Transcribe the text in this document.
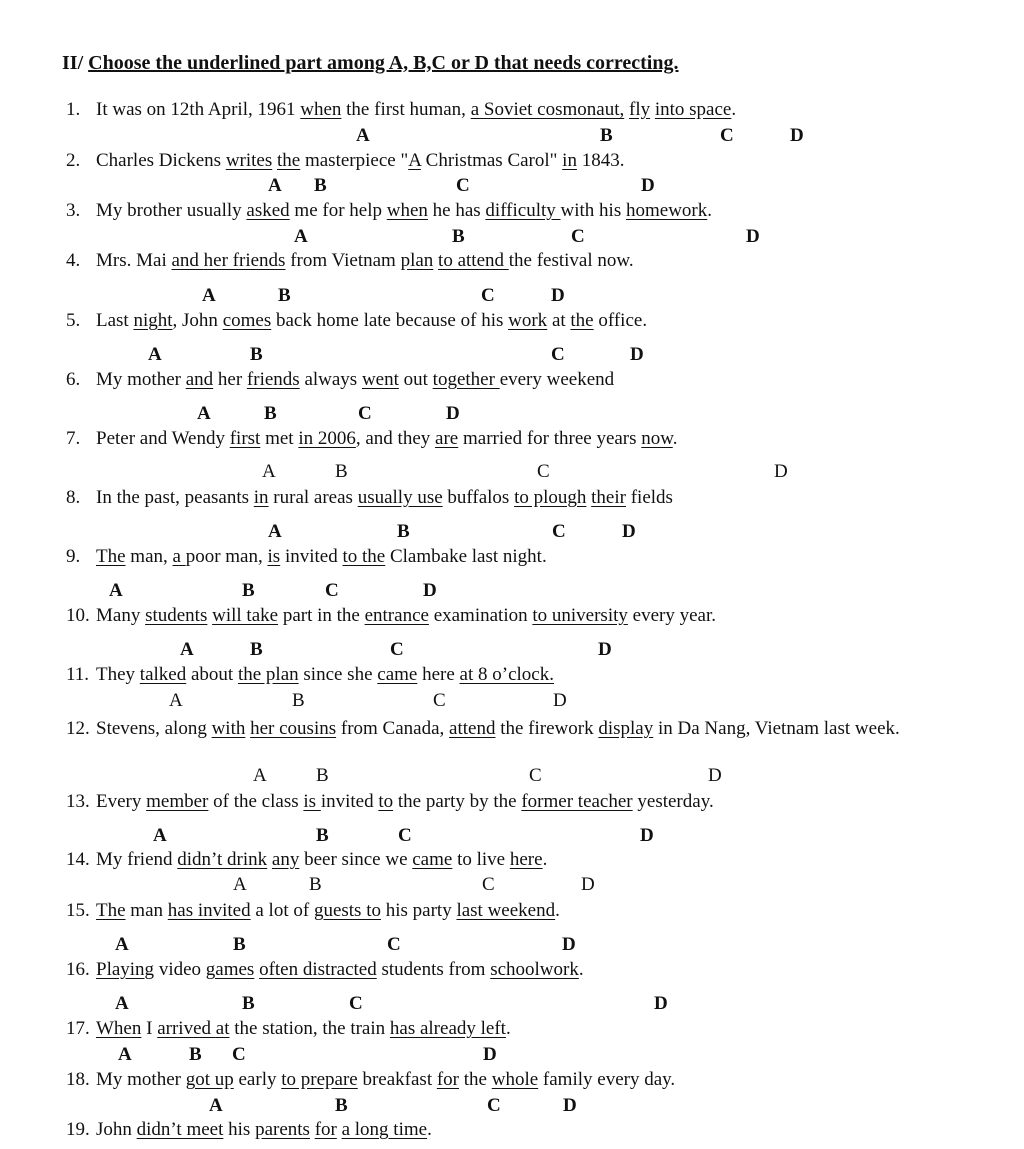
II/ Choose the underlined part among A, B,C or D that needs correcting.
1. It was on 12th April, 1961 when the first human, a Soviet cosmonaut, fly into space.
A	B	C	D
2. Charles Dickens writes the masterpiece "A Christmas Carol" in 1843.
A B	C	D
3. My brother usually asked me for help when he has difficulty with his homework.
A	B	C	D
4. Mrs. Mai and her friends from Vietnam plan to attend the festival now.
A	B	C	D
5. Last night, John comes back home late because of his work at the office.
A	B	C	D
6. My mother and her friends always went out together every weekend
A	B	C	D
7. Peter and Wendy first met in 2006, and they are married for three years now.
A	B	C	D
8. In the past, peasants in rural areas usually use buffalos to plough their fields
A	B	C	D
9. The man, a poor man, is invited to the Clambake last night.
A	B	C	D
10. Many students will take part in the entrance examination to university every year.
A	B	C	D
11. They talked about the plan since she came here at 8 o’clock.
A	B	C	D
12. Stevens, along with her cousins from Canada, attend the firework display in Da Nang, Vietnam last week.
A	B	C	D
13. Every member of the class is invited to the party by the former teacher yesterday.
A	B	C	D
14. My friend didn’t drink any beer since we came to live here.
A	B	C	D
15. The man has invited a lot of guests to his party last weekend.
A	B	C	D
16. Playing video games often distracted students from schoolwork.
A	B	C	D
17. When I arrived at the station, the train has already left.
A	B C	D
18. My mother got up early to prepare breakfast for the whole family every day.
A	B	C	D
19. John didn’t meet his parents for a long time.
